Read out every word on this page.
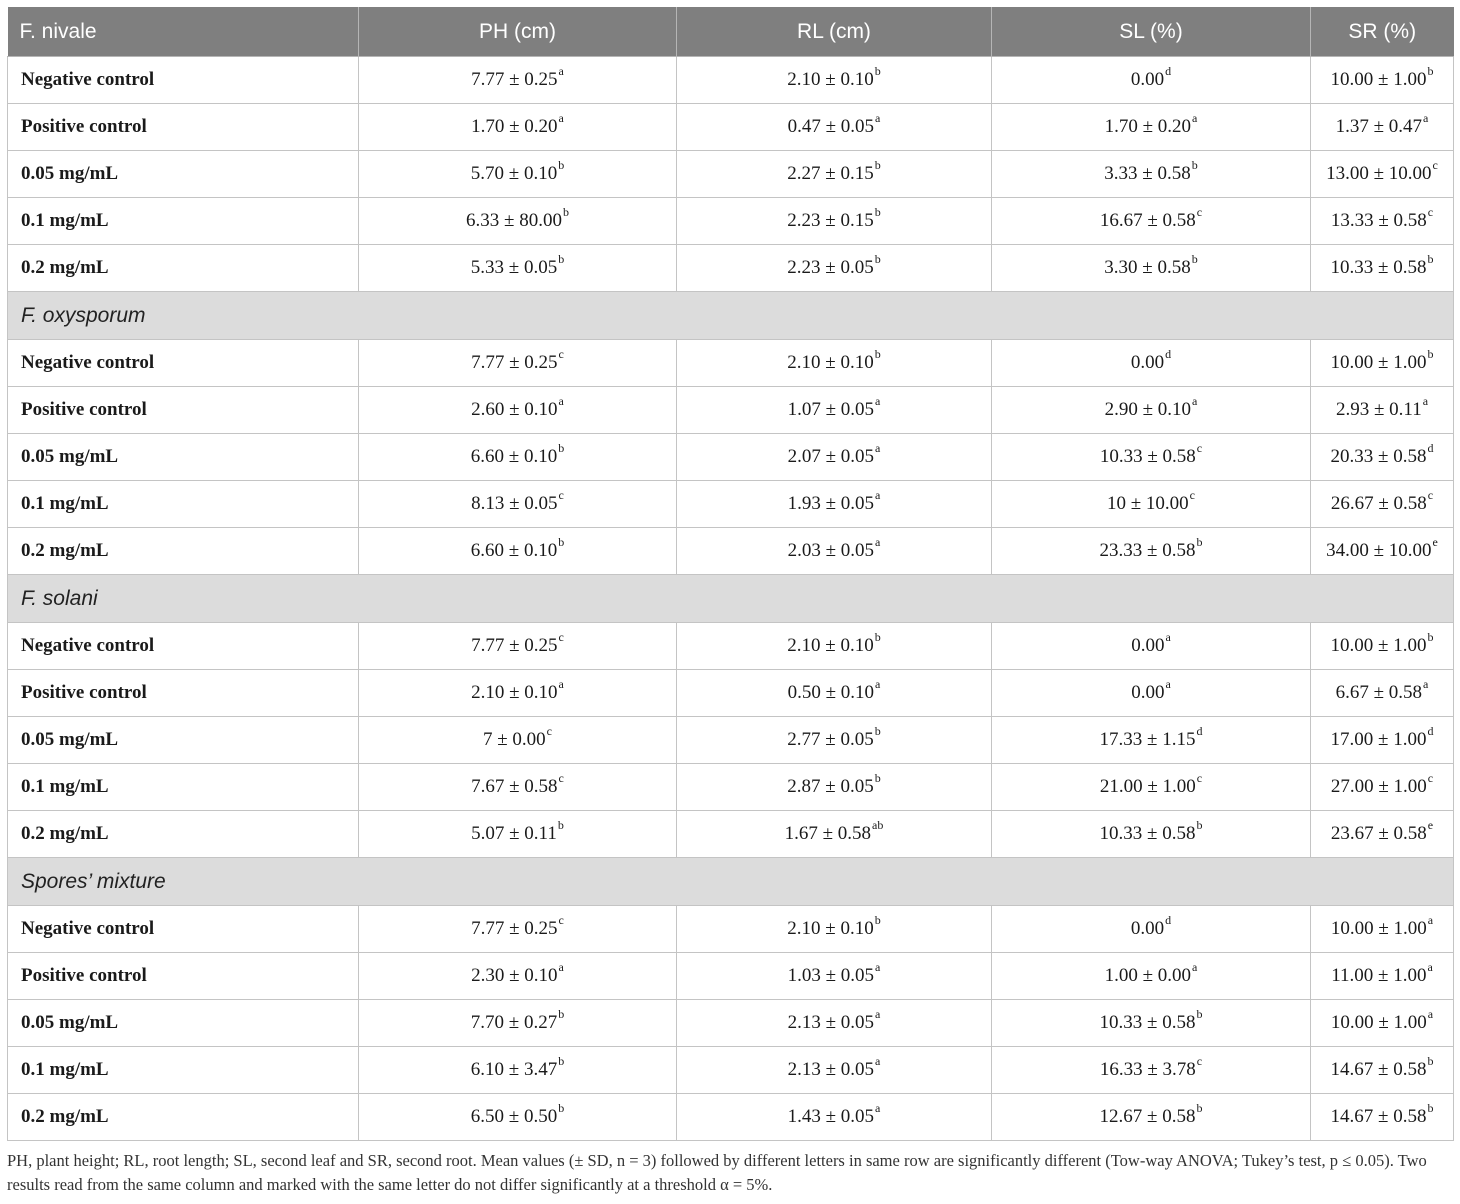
F. nivale	PH (cm)	RL (cm)	SL (%)	SR (%)
Negative control	7.77 ± 0.25$^a$	2.10 ± 0.10$^b$	0.00$^d$	10.00 ± 1.00$^b$
Positive control	1.70 ± 0.20$^a$	0.47 ± 0.05$^a$	1.70 ± 0.20$^a$	1.37 ± 0.47$^a$
0.05 mg/mL	5.70 ± 0.10$^b$	2.27 ± 0.15$^b$	3.33 ± 0.58$^b$	13.00 ± 10.00$^c$
0.1 mg/mL	6.33 ± 80.00$^b$	2.23 ± 0.15$^b$	16.67 ± 0.58$^c$	13.33 ± 0.58$^c$
0.2 mg/mL	5.33 ± 0.05$^b$	2.23 ± 0.05$^b$	3.30 ± 0.58$^b$	10.33 ± 0.58$^b$
F. oxysporum				
Negative control	7.77 ± 0.25$^c$	2.10 ± 0.10$^b$	0.00$^d$	10.00 ± 1.00$^b$
Positive control	2.60 ± 0.10$^a$	1.07 ± 0.05$^a$	2.90 ± 0.10$^a$	2.93 ± 0.11$^a$
0.05 mg/mL	6.60 ± 0.10$^b$	2.07 ± 0.05$^a$	10.33 ± 0.58$^c$	20.33 ± 0.58$^d$
0.1 mg/mL	8.13 ± 0.05$^c$	1.93 ± 0.05$^a$	10 ± 10.00$^c$	26.67 ± 0.58$^c$
0.2 mg/mL	6.60 ± 0.10$^b$	2.03 ± 0.05$^a$	23.33 ± 0.58$^b$	34.00 ± 10.00$^e$
F. solani				
Negative control	7.77 ± 0.25$^c$	2.10 ± 0.10$^b$	0.00$^a$	10.00 ± 1.00$^b$
Positive control	2.10 ± 0.10$^a$	0.50 ± 0.10$^a$	0.00$^a$	6.67 ± 0.58$^a$
0.05 mg/mL	7 ± 0.00$^c$	2.77 ± 0.05$^b$	17.33 ± 1.15$^d$	17.00 ± 1.00$^d$
0.1 mg/mL	7.67 ± 0.58$^c$	2.87 ± 0.05$^b$	21.00 ± 1.00$^c$	27.00 ± 1.00$^c$
0.2 mg/mL	5.07 ± 0.11$^b$	1.67 ± 0.58$^{ab}$	10.33 ± 0.58$^b$	23.67 ± 0.58$^e$
Spores’ mixture				
Negative control	7.77 ± 0.25$^c$	2.10 ± 0.10$^b$	0.00$^d$	10.00 ± 1.00$^a$
Positive control	2.30 ± 0.10$^a$	1.03 ± 0.05$^a$	1.00 ± 0.00$^a$	11.00 ± 1.00$^a$
0.05 mg/mL	7.70 ± 0.27$^b$	2.13 ± 0.05$^a$	10.33 ± 0.58$^b$	10.00 ± 1.00$^a$
0.1 mg/mL	6.10 ± 3.47$^b$	2.13 ± 0.05$^a$	16.33 ± 3.78$^c$	14.67 ± 0.58$^b$
0.2 mg/mL	6.50 ± 0.50$^b$	1.43 ± 0.05$^a$	12.67 ± 0.58$^b$	14.67 ± 0.58$^b$
PH, plant height; RL, root length; SL, second leaf and SR, second root. Mean values (± SD, n = 3) followed by different letters in same row are significantly different (Tow-way ANOVA; Tukey’s test, p ≤ 0.05). Two results read from the same column and marked with the same letter do not differ significantly at a threshold α = 5%.
